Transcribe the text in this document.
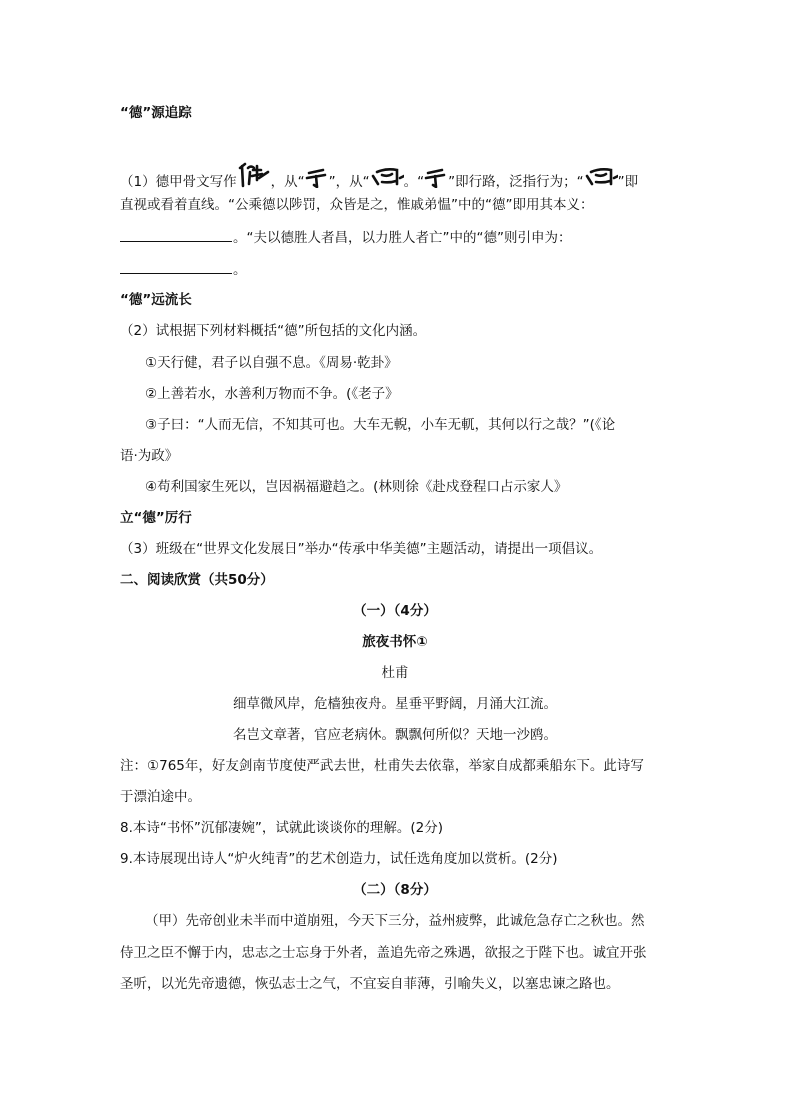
“德”源追踪
（1）德甲骨文写作	，从“ ”，从“	。“ ”即行路，泛指行为；“	”即
直视或看着直线。“公乘德以陟罚，众皆是之，惟戚弟愠”中的“德”即用其本义：
。“夫以德胜人者昌，以力胜人者亡”中的“德”则引申为：
。
“德”远流长
（2）试根据下列材料概括“德”所包括的文化内涵。
①天行健，君子以自强不息。《周易·乾卦》
②上善若水，水善利万物而不争。(《老子》
③子曰：“人而无信，不知其可也。大车无輗，小车无軏，其何以行之哉？”(《论
语·为政》
④苟利国家生死以，岂因祸福避趋之。(林则徐《赴戍登程口占示家人》
立“德”厉行
（3）班级在“世界文化发展日”举办“传承中华美德”主题活动，请提出一项倡议。
二、阅读欣赏（共50分）
（一）（4分）
旅夜书怀①
杜甫
细草微风岸，危樯独夜舟。星垂平野阔，月涌大江流。
名岂文章著，官应老病休。飘飘何所似？天地一沙鸥。
注：①765年，好友剑南节度使严武去世，杜甫失去依靠，举家自成都乘船东下。此诗写
于漂泊途中。
8.本诗“书怀”沉郁凄婉”，试就此谈谈你的理解。(2分)
9.本诗展现出诗人“炉火纯青”的艺术创造力，试任选角度加以赏析。(2分)
（二）（8分）
（甲）先帝创业未半而中道崩殂，今天下三分，益州疲弊，此诚危急存亡之秋也。然
侍卫之臣不懈于内，忠志之士忘身于外者，盖追先帝之殊遇，欲报之于陛下也。诚宜开张
圣听，以光先帝遗德，恢弘志士之气，不宜妄自菲薄，引喻失义，以塞忠谏之路也。
